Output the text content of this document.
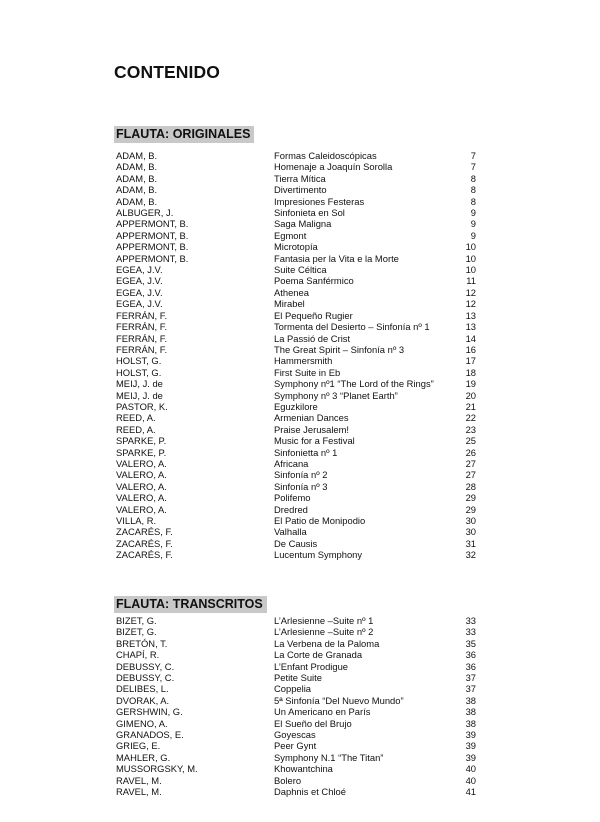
CONTENIDO
FLAUTA: ORIGINALES
ADAM, B.	Formas Caleidoscópicas	7
ADAM, B.	Homenaje a Joaquín Sorolla	7
ADAM, B.	Tierra Mítica	8
ADAM, B.	Divertimento	8
ADAM, B.	Impresiones Festeras	8
ALBUGER, J.	Sinfonieta en Sol	9
APPERMONT, B.	Saga Maligna	9
APPERMONT, B.	Egmont	9
APPERMONT, B.	Microtopía	10
APPERMONT, B.	Fantasia per la Vita e la Morte	10
EGEA, J.V.	Suite Céltica	10
EGEA, J.V.	Poema Sanférmico	11
EGEA, J.V.	Athenea	12
EGEA, J.V.	Mirabel	12
FERRÁN, F.	El Pequeño Rugier	13
FERRÁN, F.	Tormenta del Desierto – Sinfonía nº 1	13
FERRÁN, F.	La Passió de Crist	14
FERRÁN, F.	The Great Spirit – Sinfonía nº 3	16
HOLST, G.	Hammersmith	17
HOLST, G.	First Suite in Eb	18
MEIJ, J. de	Symphony nº1 “The Lord of the Rings”	19
MEIJ, J. de	Symphony nº 3 “Planet Earth”	20
PASTOR, K.	Eguzkilore	21
REED, A.	Armenian Dances	22
REED, A.	Praise Jerusalem!	23
SPARKE, P.	Music for a Festival	25
SPARKE, P.	Sinfonietta nº 1	26
VALERO, A.	Africana	27
VALERO, A.	Sinfonía nº 2	27
VALERO, A.	Sinfonía nº 3	28
VALERO, A.	Polifemo	29
VALERO, A.	Dredred	29
VILLA, R.	El Patio de Monipodio	30
ZACARÉS, F.	Valhalla	30
ZACARÉS, F.	De Causis	31
ZACARÉS, F.	Lucentum Symphony	32
FLAUTA: TRANSCRITOS
BIZET, G.	L’Arlesienne –Suite nº 1	33
BIZET, G.	L’Arlesienne –Suite nº 2	33
BRETÓN, T.	La Verbena de la Paloma	35
CHAPÍ, R.	La Corte de Granada	36
DEBUSSY, C.	L’Enfant Prodigue	36
DEBUSSY, C.	Petite Suite	37
DELIBES, L.	Coppelia	37
DVORAK, A.	5ª Sinfonía “Del Nuevo Mundo”	38
GERSHWIN, G.	Un Americano en París	38
GIMENO, A.	El Sueño del Brujo	38
GRANADOS, E.	Goyescas	39
GRIEG, E.	Peer Gynt	39
MAHLER, G.	Symphony N.1 “The Titan”	39
MUSSORGSKY, M.	Khowantchina	40
RAVEL, M.	Bolero	40
RAVEL, M.	Daphnis et Chloé	41
